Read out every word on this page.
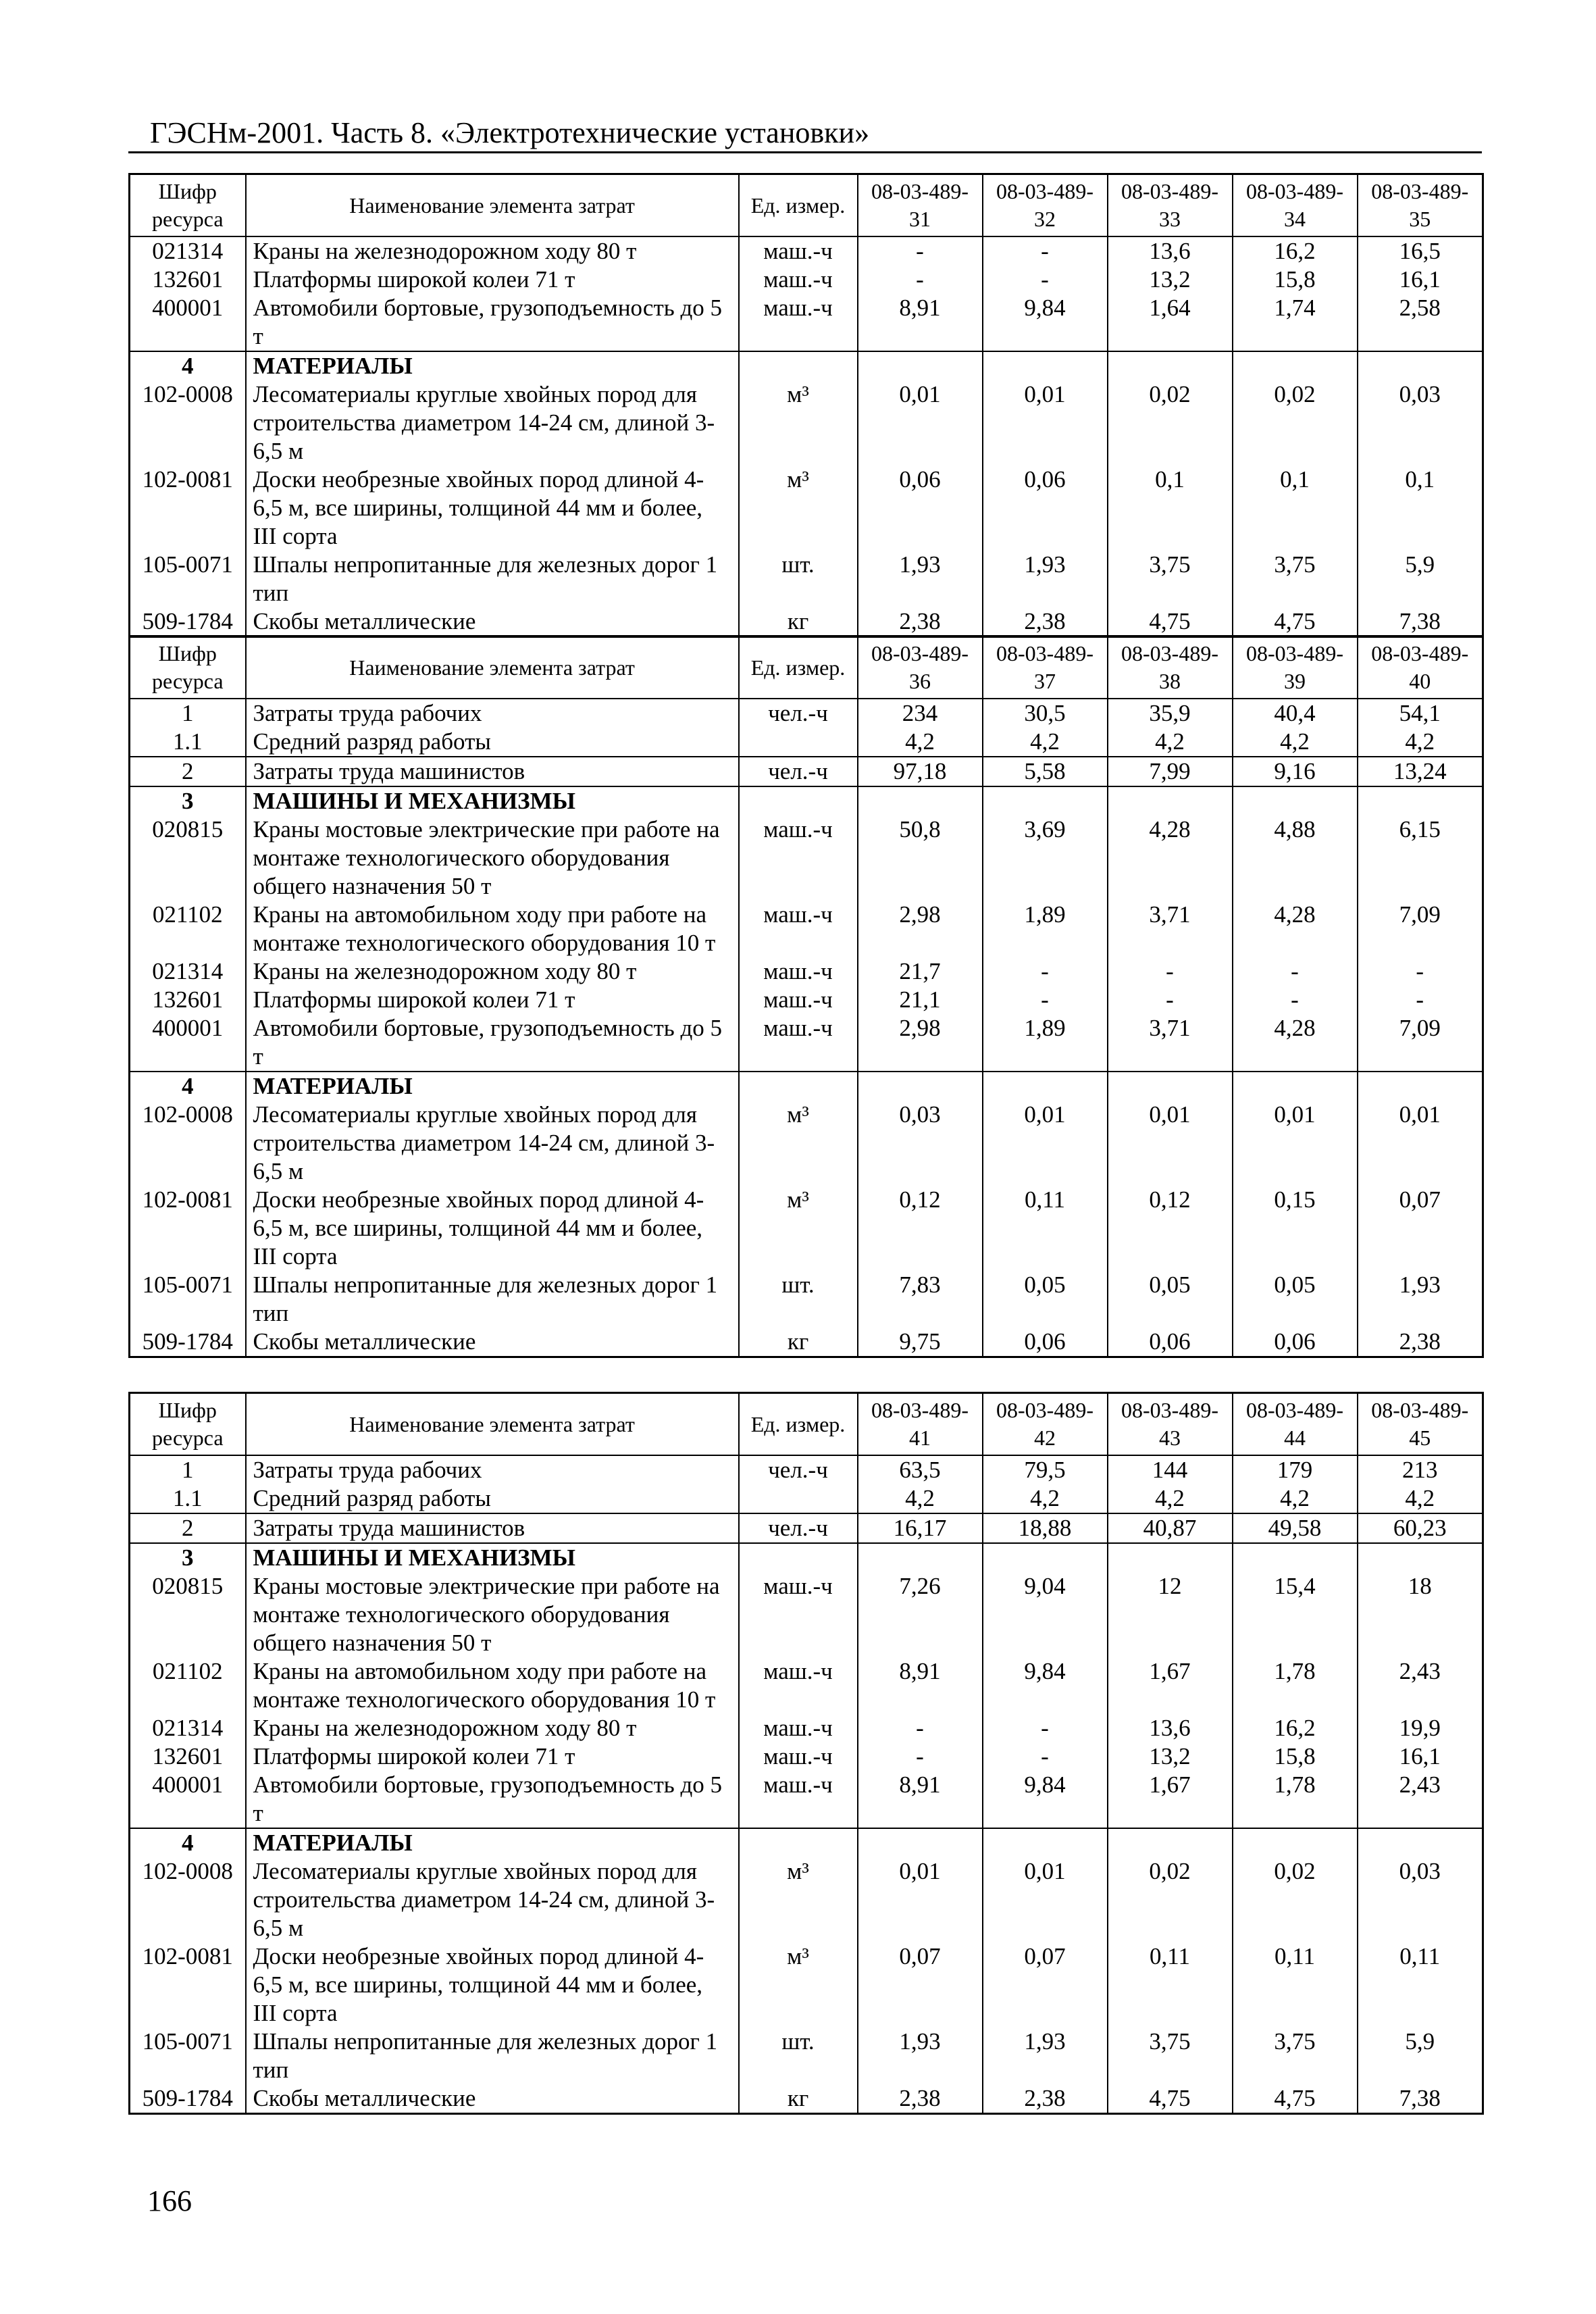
ГЭСНм-2001. Часть 8. «Электротехнические установки»
Шифр ресурса	Наименование элемента затрат	Ед. измер.	08-03-489-31	08-03-489-32	08-03-489-33	08-03-489-34	08-03-489-35
021314	Краны на железнодорожном ходу 80 т	маш.-ч	-	-	13,6	16,2	16,5
132601	Платформы широкой колеи 71 т	маш.-ч	-	-	13,2	15,8	16,1
400001	Автомобили бортовые, грузоподъемность до 5 т	маш.-ч	8,91	9,84	1,64	1,74	2,58
4	МАТЕРИАЛЫ						
102-0008	Лесоматериалы круглые хвойных пород для строительства диаметром 14-24 см, длиной 3-6,5 м	м³	0,01	0,01	0,02	0,02	0,03
102-0081	Доски необрезные хвойных пород длиной 4-6,5 м, все ширины, толщиной 44 мм и более, III сорта	м³	0,06	0,06	0,1	0,1	0,1
105-0071	Шпалы непропитанные для железных дорог 1 тип	шт.	1,93	1,93	3,75	3,75	5,9
509-1784	Скобы металлические	кг	2,38	2,38	4,75	4,75	7,38
Шифр ресурса	Наименование элемента затрат	Ед. измер.	08-03-489-36	08-03-489-37	08-03-489-38	08-03-489-39	08-03-489-40
1	Затраты труда рабочих	чел.-ч	234	30,5	35,9	40,4	54,1
1.1	Средний разряд работы		4,2	4,2	4,2	4,2	4,2
2	Затраты труда машинистов	чел.-ч	97,18	5,58	7,99	9,16	13,24
3	МАШИНЫ И МЕХАНИЗМЫ						
020815	Краны мостовые электрические при работе на монтаже технологического оборудования общего назначения 50 т	маш.-ч	50,8	3,69	4,28	4,88	6,15
021102	Краны на автомобильном ходу при работе на монтаже технологического оборудования 10 т	маш.-ч	2,98	1,89	3,71	4,28	7,09
021314	Краны на железнодорожном ходу 80 т	маш.-ч	21,7	-	-	-	-
132601	Платформы широкой колеи 71 т	маш.-ч	21,1	-	-	-	-
400001	Автомобили бортовые, грузоподъемность до 5 т	маш.-ч	2,98	1,89	3,71	4,28	7,09
4	МАТЕРИАЛЫ						
102-0008	Лесоматериалы круглые хвойных пород для строительства диаметром 14-24 см, длиной 3-6,5 м	м³	0,03	0,01	0,01	0,01	0,01
102-0081	Доски необрезные хвойных пород длиной 4-6,5 м, все ширины, толщиной 44 мм и более, III сорта	м³	0,12	0,11	0,12	0,15	0,07
105-0071	Шпалы непропитанные для железных дорог 1 тип	шт.	7,83	0,05	0,05	0,05	1,93
509-1784	Скобы металлические	кг	9,75	0,06	0,06	0,06	2,38
Шифр ресурса	Наименование элемента затрат	Ед. измер.	08-03-489-41	08-03-489-42	08-03-489-43	08-03-489-44	08-03-489-45
1	Затраты труда рабочих	чел.-ч	63,5	79,5	144	179	213
1.1	Средний разряд работы		4,2	4,2	4,2	4,2	4,2
2	Затраты труда машинистов	чел.-ч	16,17	18,88	40,87	49,58	60,23
3	МАШИНЫ И МЕХАНИЗМЫ						
020815	Краны мостовые электрические при работе на монтаже технологического оборудования общего назначения 50 т	маш.-ч	7,26	9,04	12	15,4	18
021102	Краны на автомобильном ходу при работе на монтаже технологического оборудования 10 т	маш.-ч	8,91	9,84	1,67	1,78	2,43
021314	Краны на железнодорожном ходу 80 т	маш.-ч	-	-	13,6	16,2	19,9
132601	Платформы широкой колеи 71 т	маш.-ч	-	-	13,2	15,8	16,1
400001	Автомобили бортовые, грузоподъемность до 5 т	маш.-ч	8,91	9,84	1,67	1,78	2,43
4	МАТЕРИАЛЫ						
102-0008	Лесоматериалы круглые хвойных пород для строительства диаметром 14-24 см, длиной 3-6,5 м	м³	0,01	0,01	0,02	0,02	0,03
102-0081	Доски необрезные хвойных пород длиной 4-6,5 м, все ширины, толщиной 44 мм и более, III сорта	м³	0,07	0,07	0,11	0,11	0,11
105-0071	Шпалы непропитанные для железных дорог 1 тип	шт.	1,93	1,93	3,75	3,75	5,9
509-1784	Скобы металлические	кг	2,38	2,38	4,75	4,75	7,38
166
